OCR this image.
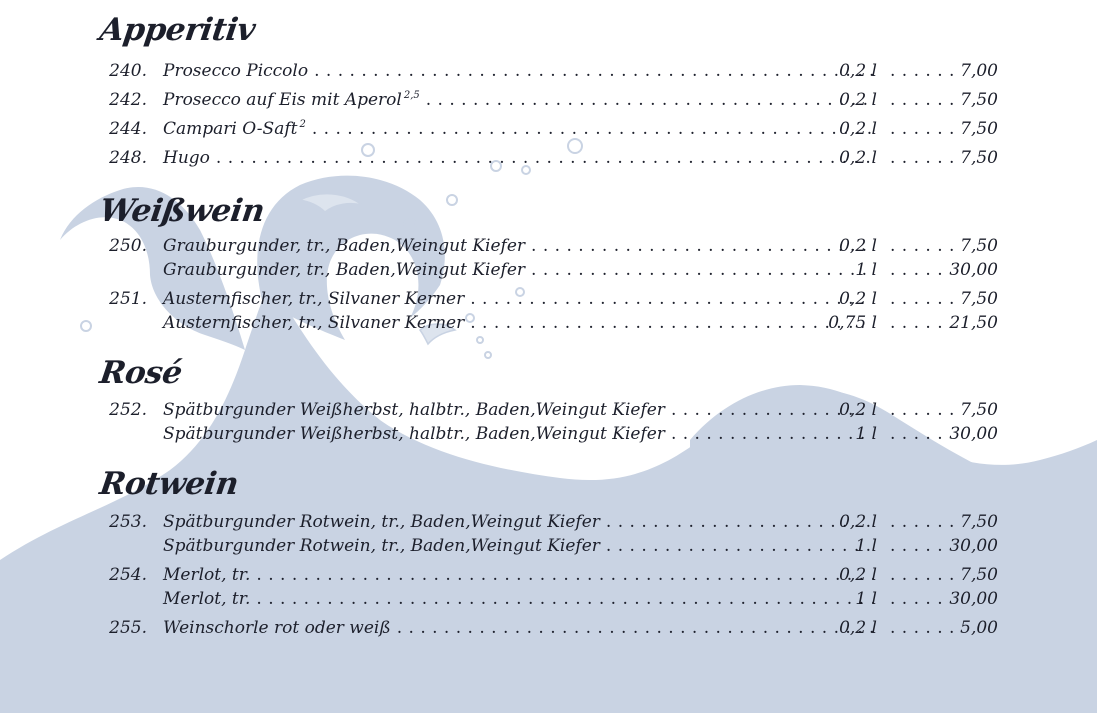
Apperitiv
240. Prosecco Piccolo . . .	0,2 l . . .	7,00
242. Prosecco auf Eis mit Aperol $^{2,5}$ . . .	0,2 l . . .	7,50
244. Campari O-Saft $^2$ . . .	0,2 l . . .	7,50
248. Hugo . . .	0,2 l . . .	7,50
Weißwein
250. Grauburgunder, tr., Baden,Weingut Kiefer . . .	0,2 l . . .	7,50
Grauburgunder, tr., Baden,Weingut Kiefer . . .	1 l . . .	30,00
251. Austernfischer, tr., Silvaner Kerner . . .	0,2 l . . .	7,50
Austernfischer, tr., Silvaner Kerner . . .	0,75 l . . .	21,50
Rosé
252. Spätburgunder Weißherbst, halbtr., Baden,Weingut Kiefer . . .	0,2 l . . .	7,50
Spätburgunder Weißherbst, halbtr., Baden,Weingut Kiefer . . .	1 l . . .	30,00
Rotwein
253. Spätburgunder Rotwein, tr., Baden,Weingut Kiefer . . .	0,2 l . . .	7,50
Spätburgunder Rotwein, tr., Baden,Weingut Kiefer . . .	1 l . . .	30,00
254. Merlot, tr. . . .	0,2 l . . .	7,50
Merlot, tr. . . .	1 l . . .	30,00
255. Weinschorle rot oder weiß . . .	0,2 l . . .	5,00
